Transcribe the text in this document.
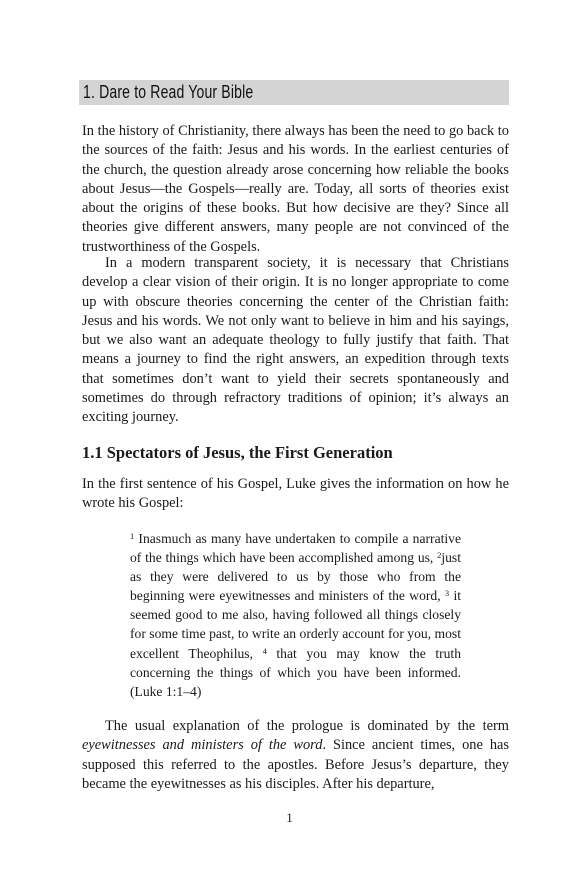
1. Dare to Read Your Bible

In the history of Christianity, there always has been the need to go back to the sources of the faith: Jesus and his words. In the earliest centuries of the church, the question already arose concerning how reliable the books about Jesus—the Gospels—really are. Today, all sorts of theories exist about the origins of these books. But how decisive are they? Since all theories give different answers, many people are not convinced of the trustworthiness of the Gospels.

In a modern transparent society, it is necessary that Christians develop a clear vision of their origin. It is no longer appropriate to come up with obscure theories concerning the center of the Christian faith: Jesus and his words. We not only want to believe in him and his sayings, but we also want an adequate theology to fully justify that faith. That means a journey to find the right answers, an expedition through texts that sometimes don’t want to yield their secrets spontaneously and sometimes do through refractory traditions of opinion; it’s always an exciting journey.

1.1 Spectators of Jesus, the First Generation

In the first sentence of his Gospel, Luke gives the information on how he wrote his Gospel:

$^1$ Inasmuch as many have undertaken to compile a narrative of the things which have been accomplished among us, $^2$just as they were delivered to us by those who from the beginning were eyewitnesses and ministers of the word, $^3$ it seemed good to me also, having followed all things closely for some time past, to write an orderly account for you, most excellent Theophilus, $^4$ that you may know the truth concerning the things of which you have been informed. (Luke 1:1–4)

The usual explanation of the prologue is dominated by the term eyewitnesses and ministers of the word. Since ancient times, one has supposed this referred to the apostles. Before Jesus’s departure, they became the eyewitnesses as his disciples. After his departure,

1
